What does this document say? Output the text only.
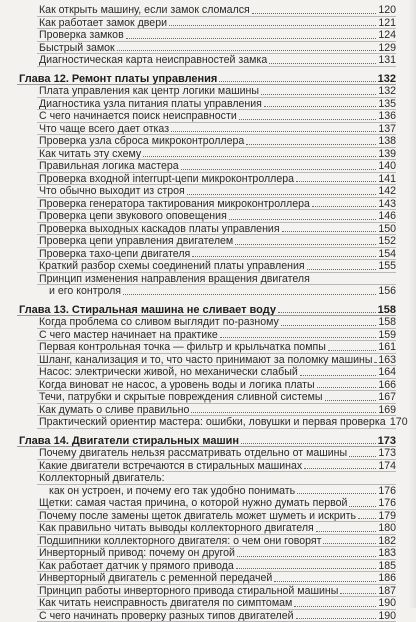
Как открыть машину, если замок сломался	120
Как работает замок двери	121
Проверка замков	124
Быстрый замок	129
Диагностическая карта неисправностей замка	131
Глава 12. Ремонт платы управления	132
Плата управления как центр логики машины	132
Диагностика узла питания платы управления	135
С чего начинается поиск неисправности	136
Что чаще всего дает отказ	137
Проверка узла сброса микроконтроллера	138
Как читать эту схему	139
Правильная логика мастера	140
Проверка входной interrupt-цепи микроконтроллера	141
Что обычно выходит из строя	142
Проверка генератора тактирования микроконтроллера	143
Проверка цепи звукового оповещения	146
Проверка выходных каскадов платы управления	150
Проверка цепи управления двигателем	152
Проверка тахо-цепи двигателя	154
Краткий разбор схемы соединений платы управления	155
Принцип изменения направления вращения двигателя
и его контроля	156
Глава 13. Стиральная машина не сливает воду	158
Когда проблема со сливом выглядит по-разному	158
С чего мастер начинает на практике	159
Первая контрольная точка — фильтр и крыльчатка помпы	161
Шланг, канализация и то, что часто принимают за поломку машины 163
Насос: электрически живой, но механически слабый	164
Когда виноват не насос, а уровень воды и логика платы	166
Течи, патрубки и скрытые повреждения сливной системы	167
Как думать о сливе правильно	169
Практический ориентир мастера: ошибки, ловушки и первая проверка 170
Глава 14. Двигатели стиральных машин	173
Почему двигатель нельзя рассматривать отдельно от машины	173
Какие двигатели встречаются в стиральных машинах	174
Коллекторный двигатель:
как он устроен, и почему его так удобно понимать	176
Щетки: самая частая причина, о которой нужно думать первой	176
Почему после замены щеток двигатель может шуметь и искрить 179
Как правильно читать выводы коллекторного двигателя	180
Подшипники коллекторного двигателя: о чем они говорят	182
Инверторный привод: почему он другой	183
Как работает датчик у прямого привода	185
Инверторный двигатель с ременной передачей	186
Принцип работы инверторного привода стиральной машины	187
Как читать неисправность двигателя по симптомам	190
С чего начинать проверку разных типов двигателей	190
